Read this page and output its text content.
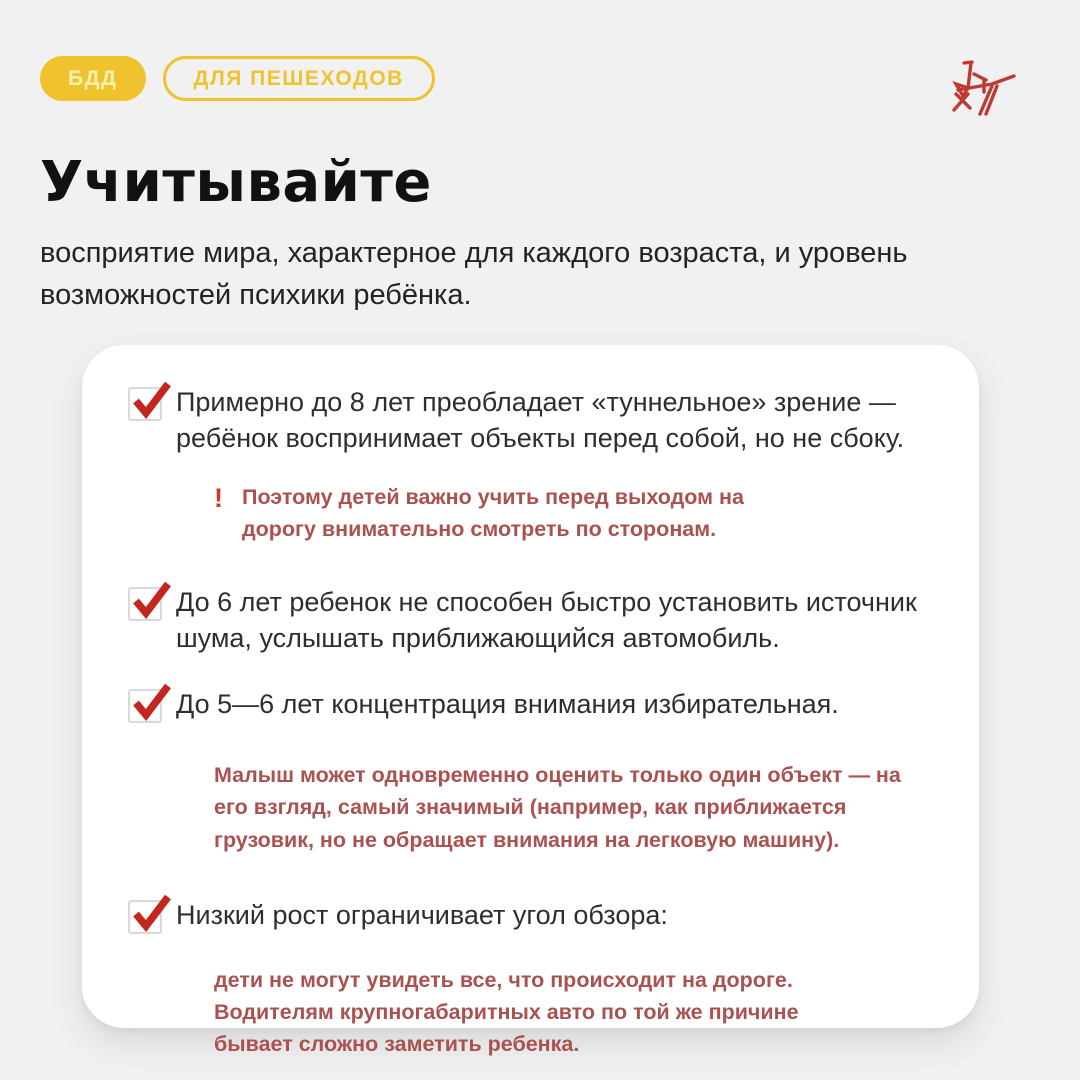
БДД	ДЛЯ ПЕШЕХОДОВ
Учитывайте

восприятие мира, характерное для каждого возраста, и уровень возможностей психики ребёнка.

Примерно до 8 лет преобладает «туннельное» зрение — ребёнок воспринимает объекты перед собой, но не сбоку.
! Поэтому детей важно учить перед выходом на дорогу внимательно смотреть по сторонам.
До 6 лет ребенок не способен быстро установить источник шума, услышать приближающийся автомобиль.
До 5—6 лет концентрация внимания избирательная.
Малыш может одновременно оценить только один объект — на его взгляд, самый значимый (например, как приближается грузовик, но не обращает внимания на легковую машину).
Низкий рост ограничивает угол обзора:
дети не могут увидеть все, что происходит на дороге. Водителям крупногабаритных авто по той же причине бывает сложно заметить ребенка.
